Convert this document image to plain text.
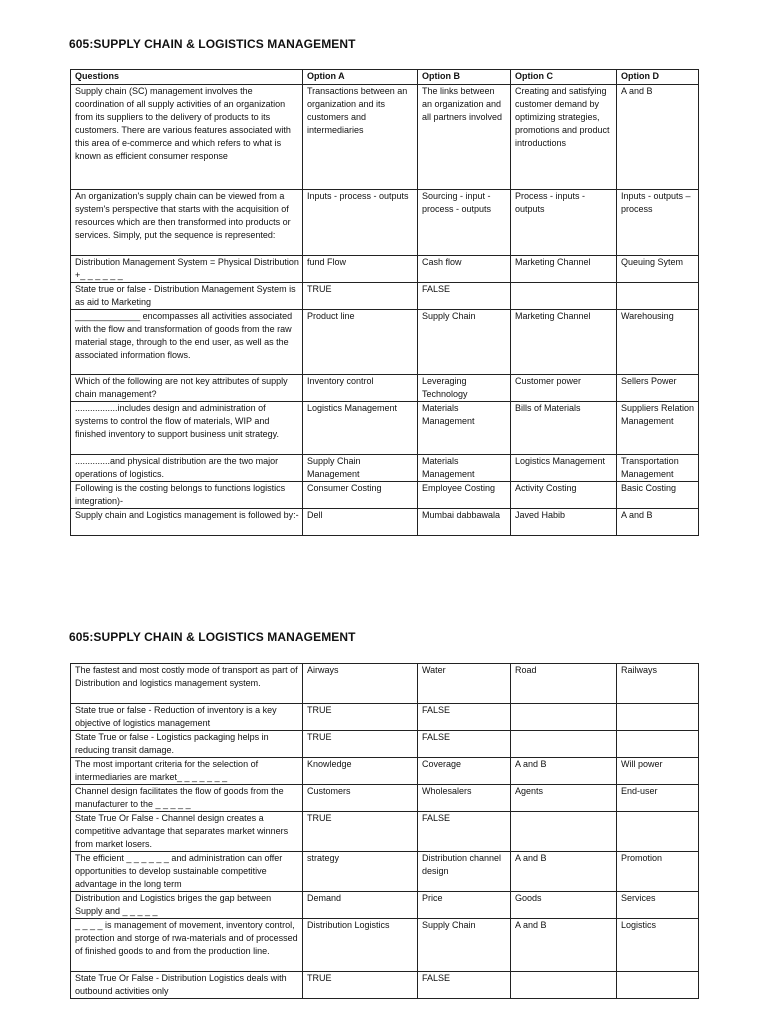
605:SUPPLY CHAIN & LOGISTICS MANAGEMENT
Questions	Option A	Option B	Option C	Option D
Supply chain (SC) management involves the coordination of all supply activities of an organization from its suppliers to the delivery of products to its customers. There are various features associated with this area of e-commerce and which refers to what is known as efficient consumer response	Transactions between an organization and its customers and intermediaries	The links between an organization and all partners involved	Creating and satisfying customer demand by optimizing strategies, promotions and product introductions	A and B
An organization's supply chain can be viewed from a system's perspective that starts with the acquisition of resources which are then transformed into products or services. Simply, put the sequence is represented:	Inputs - process - outputs	Sourcing - input - process - outputs	Process - inputs - outputs	Inputs - outputs – process
Distribution Management System = Physical Distribution +_ _ _ _ _ _	fund Flow	Cash flow	Marketing Channel	Queuing Sytem
State true or false - Distribution Management System is as aid to Marketing	TRUE	FALSE		
_____________ encompasses all activities associated with the flow and transformation of goods from the raw material stage, through to the end user, as well as the associated information flows.	Product line	Supply Chain	Marketing Channel	Warehousing
Which of the following are not key attributes of supply chain management?	Inventory control	Leveraging Technology	Customer power	Sellers Power
.................includes design and administration of systems to control the flow of materials, WIP and finished inventory to support business unit strategy.	Logistics Management	Materials Management	Bills of Materials	Suppliers Relation Management
..............and physical distribution are the two major operations of logistics.	Supply Chain Management	Materials Management	Logistics Management	Transportation Management
Following is the costing belongs to functions logistics integration)-	Consumer Costing	Employee Costing	Activity Costing	Basic Costing
Supply chain and Logistics management is followed by:-	Dell	Mumbai dabbawala	Javed Habib	A and B
605:SUPPLY CHAIN & LOGISTICS MANAGEMENT
The fastest and most costly mode of transport as part of Distribution and logistics management system.	Airways	Water	Road	Railways
State true or false - Reduction of inventory is a key objective of logistics management	TRUE	FALSE		
State True or false - Logistics packaging helps in reducing transit damage.	TRUE	FALSE		
The most important criteria for the selection of intermediaries are market_ _ _ _ _ _ _	Knowledge	Coverage	A and B	Will power
Channel design facilitates the flow of goods from the manufacturer to the _ _ _ _ _	Customers	Wholesalers	Agents	End-user
State True Or False - Channel design creates a competitive advantage that separates market winners from market losers.	TRUE	FALSE		
The efficient _ _ _ _ _ _ and administration can offer opportunities to develop sustainable competitive advantage in the long term	strategy	Distribution channel design	A and B	Promotion
Distribution and Logistics briges the gap between Supply and _ _ _ _ _	Demand	Price	Goods	Services
_ _ _ _ is management of movement, inventory control, protection and storge of rwa-materials and of processed of finished goods to and from the production line.	Distribution Logistics	Supply Chain	A and B	Logistics
State True Or False - Distribution Logistics deals with outbound activities only	TRUE	FALSE		
